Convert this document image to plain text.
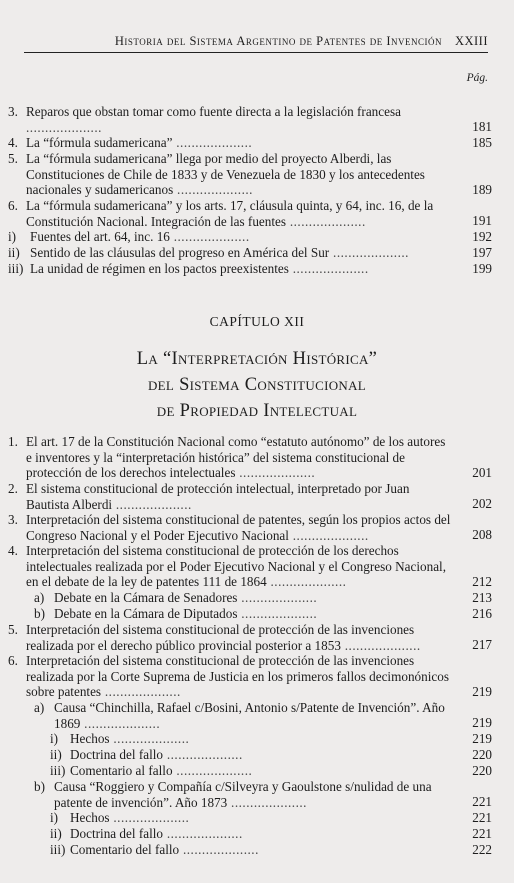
Historia del Sistema Argentino de Patentes de Invención XXIII
Pág.
3. Reparos que obstan tomar como fuente directa a la legislación francesa ....................	181
4. La “fórmula sudamericana” ....................	185
5. La “fórmula sudamericana” llega por medio del proyecto Alberdi, las Constituciones de Chile de 1833 y de Venezuela de 1830 y los antecedentes nacionales y sudamericanos ....................	189
6. La “fórmula sudamericana” y los arts. 17, cláusula quinta, y 64, inc. 16, de la Constitución Nacional. Integración de las fuentes ....................	191
i) Fuentes del art. 64, inc. 16 ....................	192
ii) Sentido de las cláusulas del progreso en América del Sur ....................	197
iii) La unidad de régimen en los pactos preexistentes ....................	199
CAPÍTULO XII
La “Interpretación Histórica”
del Sistema Constitucional
de Propiedad Intelectual
1. El art. 17 de la Constitución Nacional como “estatuto autónomo” de los autores e inventores y la “interpretación histórica” del sistema constitucional de protección de los derechos intelectuales ....................	201
2. El sistema constitucional de protección intelectual, interpretado por Juan Bautista Alberdi ....................	202
3. Interpretación del sistema constitucional de patentes, según los propios actos del Congreso Nacional y el Poder Ejecutivo Nacional ....................	208
4. Interpretación del sistema constitucional de protección de los derechos intelectuales realizada por el Poder Ejecutivo Nacional y el Congreso Nacional, en el debate de la ley de patentes 111 de 1864 ....................	212
a) Debate en la Cámara de Senadores ....................	213
b) Debate en la Cámara de Diputados ....................	216
5. Interpretación del sistema constitucional de protección de las invenciones realizada por el derecho público provincial posterior a 1853 ....................	217
6. Interpretación del sistema constitucional de protección de las invenciones realizada por la Corte Suprema de Justicia en los primeros fallos decimonónicos sobre patentes ....................	219
a) Causa “Chinchilla, Rafael c/Bosini, Antonio s/Patente de Invención”. Año 1869 ....................	219
i) Hechos ....................	219
ii) Doctrina del fallo ....................	220
iii) Comentario al fallo ....................	220
b) Causa “Roggiero y Compañía c/Silveyra y Gaoulstone s/nulidad de una patente de invención”. Año 1873 ....................	221
i) Hechos ....................	221
ii) Doctrina del fallo ....................	221
iii) Comentario del fallo ....................	222
